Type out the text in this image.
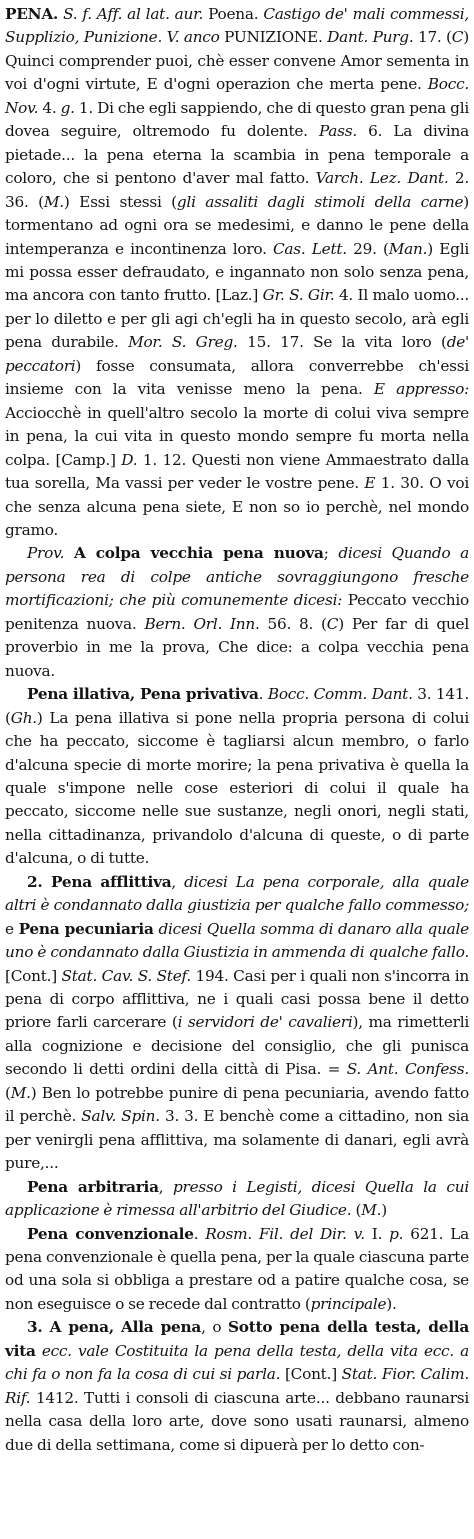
PENA. S. f. Aff. al lat. aur. Poena. Castigo de' mali commessi, Supplizio, Punizione. V. anco PUNIZIONE. Dant. Purg. 17. (C) Quinci comprender puoi, chè esser convene Amor sementa in voi d'ogni virtute, E d'ogni operazion che merta pene. Bocc. Nov. 4. g. 1. Di che egli sappiendo, che di questo gran pena gli dovea seguire, oltremodo fu dolente. Pass. 6. La divina pietade... la pena eterna la scambia in pena temporale a coloro, che si pentono d'aver mal fatto. Varch. Lez. Dant. 2. 36. (M.) Essi stessi (gli assaliti dagli stimoli della carne) tormentano ad ogni ora se medesimi, e danno le pene della intemperanza e incontinenza loro. Cas. Lett. 29. (Man.) Egli mi possa esser defraudato, e ingannato non solo senza pena, ma ancora con tanto frutto. [Laz.] Gr. S. Gir. 4. Il malo uomo... per lo diletto e per gli agi ch'egli ha in questo secolo, arà egli pena durabile. Mor. S. Greg. 15. 17. Se la vita loro (de' peccatori) fosse consumata, allora converrebbe ch'essi insieme con la vita venisse meno la pena. E appresso: Acciocchè in quell'altro secolo la morte di colui viva sempre in pena, la cui vita in questo mondo sempre fu morta nella colpa. [Camp.] D. 1. 12. Questi non viene Ammaestrato dalla tua sorella, Ma vassi per veder le vostre pene. E 1. 30. O voi che senza alcuna pena siete, E non so io perchè, nel mondo gramo.

Prov. A colpa vecchia pena nuova; dicesi Quando a persona rea di colpe antiche sovraggiungono fresche mortificazioni; che più comunemente dicesi: Peccato vecchio penitenza nuova. Bern. Orl. Inn. 56. 8. (C) Per far di quel proverbio in me la prova, Che dice: a colpa vecchia pena nuova.

Pena illativa, Pena privativa. Bocc. Comm. Dant. 3. 141. (Gh.) La pena illativa si pone nella propria persona di colui che ha peccato, siccome è tagliarsi alcun membro, o farlo d'alcuna specie di morte morire; la pena privativa è quella la quale s'impone nelle cose esteriori di colui il quale ha peccato, siccome nelle sue sustanze, negli onori, negli stati, nella cittadinanza, privandolo d'alcuna di queste, o di parte d'alcuna, o di tutte.

2. Pena afflittiva, dicesi La pena corporale, alla quale altri è condannato dalla giustizia per qualche fallo commesso; e Pena pecuniaria dicesi Quella somma di danaro alla quale uno è condannato dalla Giustizia in ammenda di qualche fallo. [Cont.] Stat. Cav. S. Stef. 194. Casi per i quali non s'incorra in pena di corpo afflittiva, ne i quali casi possa bene il detto priore farli carcerare (i servidori de' cavalieri), ma rimetterli alla cognizione e decisione del consiglio, che gli punisca secondo li detti ordini della città di Pisa. = S. Ant. Confess. (M.) Ben lo potrebbe punire di pena pecuniaria, avendo fatto il perchè. Salv. Spin. 3. 3. E benchè come a cittadino, non sia per venirgli pena afflittiva, ma solamente di danari, egli avrà pure,...

Pena arbitraria, presso i Legisti, dicesi Quella la cui applicazione è rimessa all'arbitrio del Giudice. (M.)

Pena convenzionale. Rosm. Fil. del Dir. v. I. p. 621. La pena convenzionale è quella pena, per la quale ciascuna parte od una sola si obbliga a prestare od a patire qualche cosa, se non eseguisce o se recede dal contratto (principale).

3. A pena, Alla pena, o Sotto pena della testa, della vita ecc. vale Costituita la pena della testa, della vita ecc. a chi fa o non fa la cosa di cui si parla. [Cont.] Stat. Fior. Calim. Rif. 1412. Tutti i consoli di ciascuna arte... debbano raunarsi nella casa della loro arte, dove sono usati raunarsi, almeno due di della settimana, come si dipuerà per lo detto con-
